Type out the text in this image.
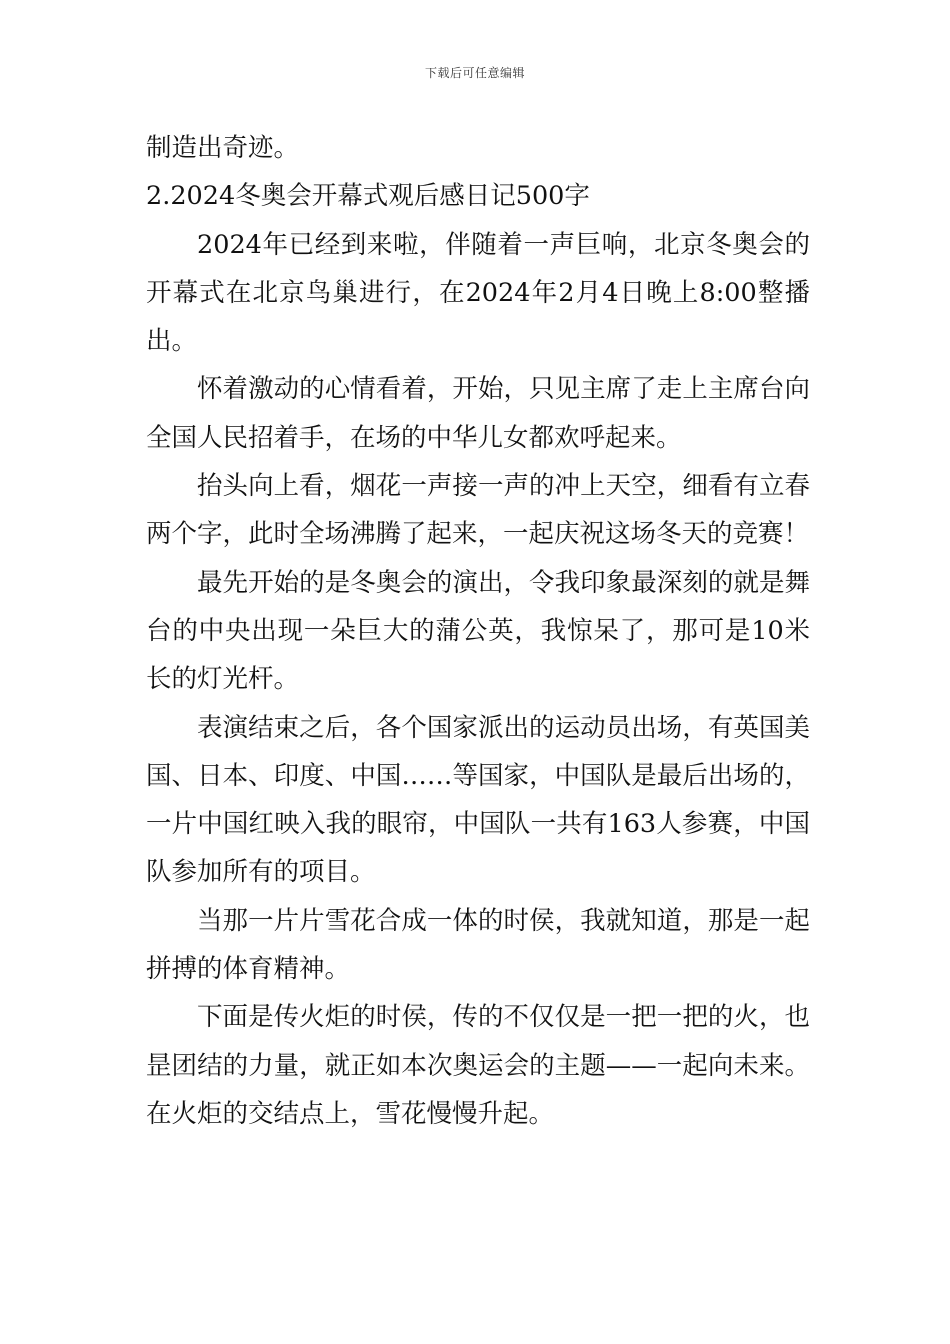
下载后可任意编辑

制造出奇迹。

2.2024冬奥会开幕式观后感日记500字

2024年已经到来啦，伴随着一声巨响，北京冬奥会的开幕式在北京鸟巢进行，在2024年2月4日晚上8:00整播出。

怀着激动的心情看着，开始，只见主席了走上主席台向全国人民招着手，在场的中华儿女都欢呼起来。

抬头向上看，烟花一声接一声的冲上天空，细看有立春两个字，此时全场沸腾了起来，一起庆祝这场冬天的竞赛！

最先开始的是冬奥会的演出，令我印象最深刻的就是舞台的中央出现一朵巨大的蒲公英，我惊呆了，那可是10米长的灯光杆。

表演结束之后，各个国家派出的运动员出场，有英国美国、日本、印度、中国……等国家，中国队是最后出场的，一片中国红映入我的眼帘，中国队一共有163人参赛，中国队参加所有的项目。

当那一片片雪花合成一体的时侯，我就知道，那是一起拼搏的体育精神。

下面是传火炬的时侯，传的不仅仅是一把一把的火，也昰团结的力量，就正如本次奥运会的主题——一起向未来。在火炬的交结点上，雪花慢慢升起。
